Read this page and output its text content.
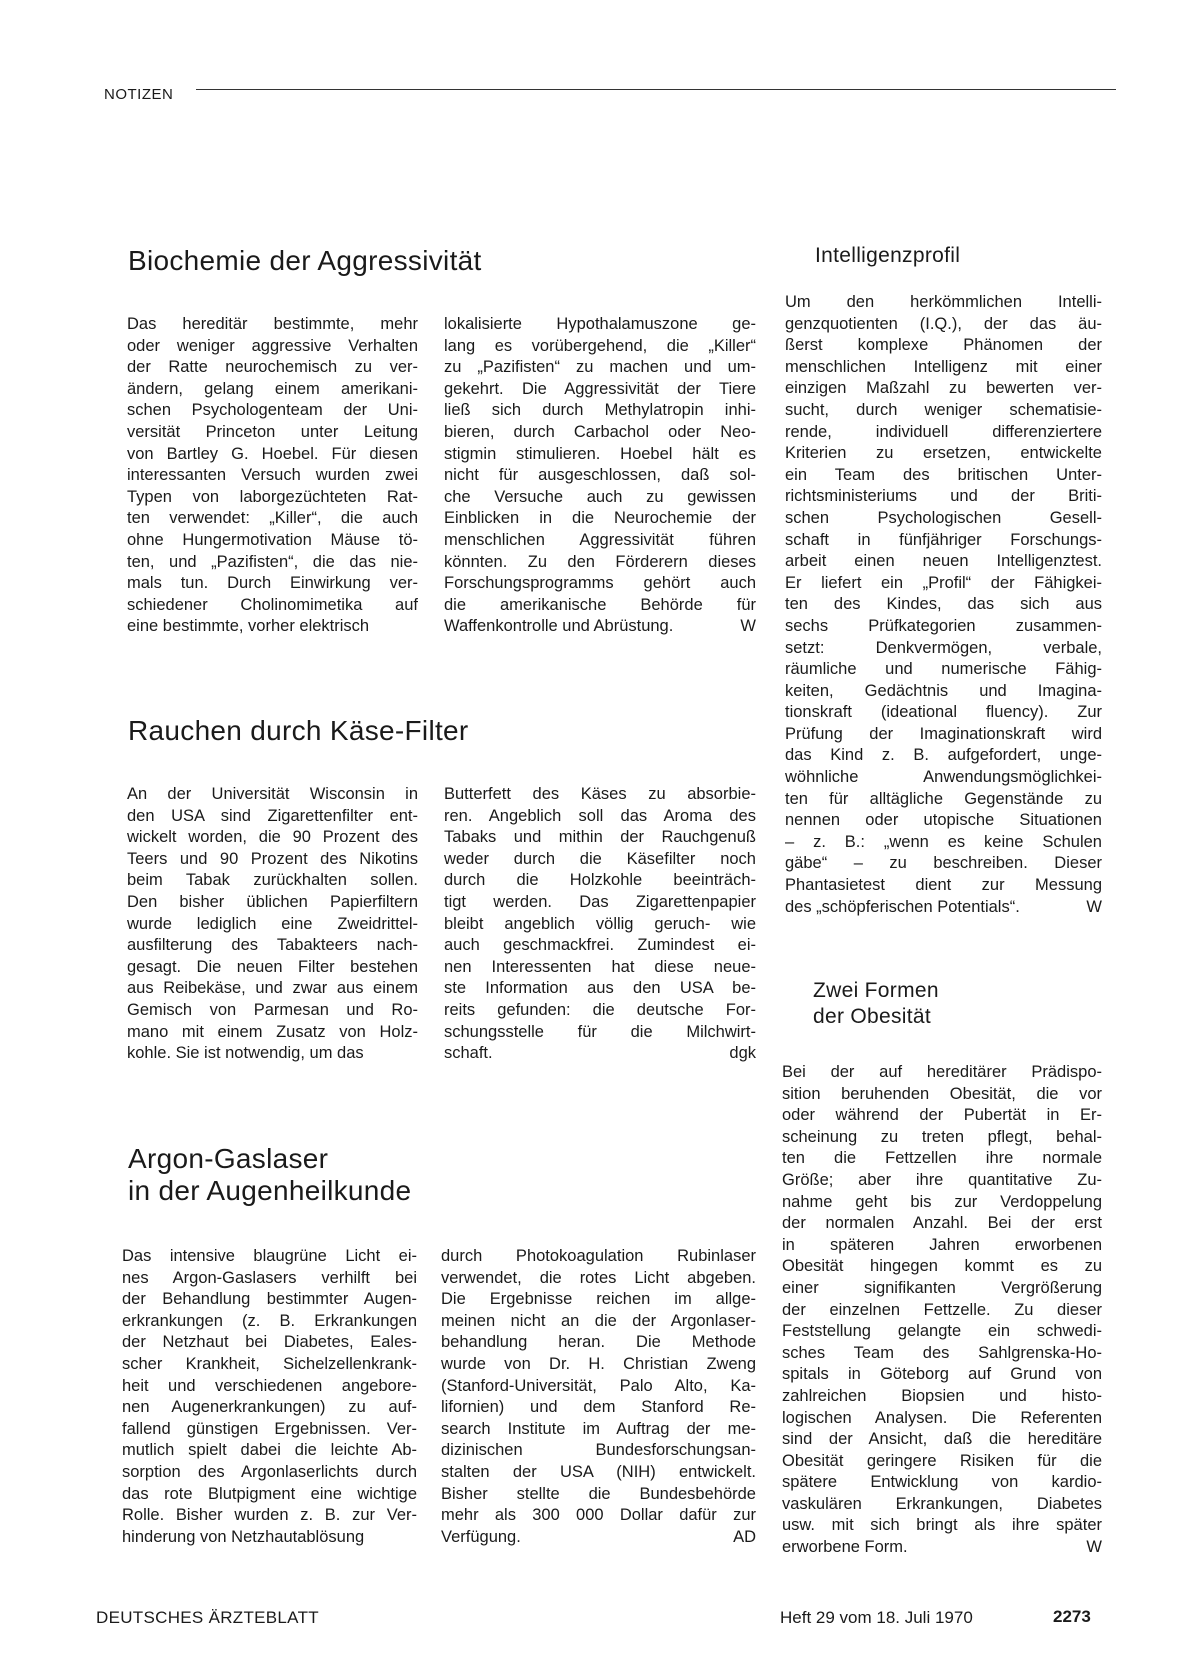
NOTIZEN
Biochemie der Aggressivität
Das hereditär bestimmte, mehr
oder weniger aggressive Verhalten
der Ratte neurochemisch zu ver-
ändern, gelang einem amerikani-
schen Psychologenteam der Uni-
versität Princeton unter Leitung
von Bartley G. Hoebel. Für diesen
interessanten Versuch wurden zwei
Typen von laborgezüchteten Rat-
ten verwendet: „Killer“, die auch
ohne Hungermotivation Mäuse tö-
ten, und „Pazifisten“, die das nie-
mals tun. Durch Einwirkung ver-
schiedener Cholinomimetika auf
eine bestimmte, vorher elektrisch
lokalisierte Hypothalamuszone ge-
lang es vorübergehend, die „Killer“
zu „Pazifisten“ zu machen und um-
gekehrt. Die Aggressivität der Tiere
ließ sich durch Methylatropin inhi-
bieren, durch Carbachol oder Neo-
stigmin stimulieren. Hoebel hält es
nicht für ausgeschlossen, daß sol-
che Versuche auch zu gewissen
Einblicken in die Neurochemie der
menschlichen Aggressivität führen
könnten. Zu den Förderern dieses
Forschungsprogramms gehört auch
die amerikanische Behörde für
Waffenkontrolle und Abrüstung.	W
Rauchen durch Käse-Filter
An der Universität Wisconsin in
den USA sind Zigarettenfilter ent-
wickelt worden, die 90 Prozent des
Teers und 90 Prozent des Nikotins
beim Tabak zurückhalten sollen.
Den bisher üblichen Papierfiltern
wurde lediglich eine Zweidrittel-
ausfilterung des Tabakteers nach-
gesagt. Die neuen Filter bestehen
aus Reibekäse, und zwar aus einem
Gemisch von Parmesan und Ro-
mano mit einem Zusatz von Holz-
kohle. Sie ist notwendig, um das
Butterfett des Käses zu absorbie-
ren. Angeblich soll das Aroma des
Tabaks und mithin der Rauchgenuß
weder durch die Käsefilter noch
durch die Holzkohle beeinträch-
tigt werden. Das Zigarettenpapier
bleibt angeblich völlig geruch- wie
auch geschmackfrei. Zumindest ei-
nen Interessenten hat diese neue-
ste Information aus den USA be-
reits gefunden: die deutsche For-
schungsstelle für die Milchwirt-
schaft.	dgk
Argon-Gaslaser
in der Augenheilkunde
Das intensive blaugrüne Licht ei-
nes Argon-Gaslasers verhilft bei
der Behandlung bestimmter Augen-
erkrankungen (z. B. Erkrankungen
der Netzhaut bei Diabetes, Eales-
scher Krankheit, Sichelzellenkrank-
heit und verschiedenen angebore-
nen Augenerkrankungen) zu auf-
fallend günstigen Ergebnissen. Ver-
mutlich spielt dabei die leichte Ab-
sorption des Argonlaserlichts durch
das rote Blutpigment eine wichtige
Rolle. Bisher wurden z. B. zur Ver-
hinderung von Netzhautablösung
durch Photokoagulation Rubinlaser
verwendet, die rotes Licht abgeben.
Die Ergebnisse reichen im allge-
meinen nicht an die der Argonlaser-
behandlung heran. Die Methode
wurde von Dr. H. Christian Zweng
(Stanford-Universität, Palo Alto, Ka-
lifornien) und dem Stanford Re-
search Institute im Auftrag der me-
dizinischen Bundesforschungsan-
stalten der USA (NIH) entwickelt.
Bisher stellte die Bundesbehörde
mehr als 300 000 Dollar dafür zur
Verfügung.	AD
Intelligenzprofil
Um den herkömmlichen Intelli-
genzquotienten (I.Q.), der das äu-
ßerst komplexe Phänomen der
menschlichen Intelligenz mit einer
einzigen Maßzahl zu bewerten ver-
sucht, durch weniger schematisie-
rende, individuell differenziertere
Kriterien zu ersetzen, entwickelte
ein Team des britischen Unter-
richtsministeriums und der Briti-
schen Psychologischen Gesell-
schaft in fünfjähriger Forschungs-
arbeit einen neuen Intelligenztest.
Er liefert ein „Profil“ der Fähigkei-
ten des Kindes, das sich aus
sechs Prüfkategorien zusammen-
setzt: Denkvermögen, verbale,
räumliche und numerische Fähig-
keiten, Gedächtnis und Imagina-
tionskraft (ideational fluency). Zur
Prüfung der Imaginationskraft wird
das Kind z. B. aufgefordert, unge-
wöhnliche Anwendungsmöglichkei-
ten für alltägliche Gegenstände zu
nennen oder utopische Situationen
– z. B.: „wenn es keine Schulen
gäbe“ – zu beschreiben. Dieser
Phantasietest dient zur Messung
des „schöpferischen Potentials“.	W
Zwei Formen
der Obesität
Bei der auf hereditärer Prädispo-
sition beruhenden Obesität, die vor
oder während der Pubertät in Er-
scheinung zu treten pflegt, behal-
ten die Fettzellen ihre normale
Größe; aber ihre quantitative Zu-
nahme geht bis zur Verdoppelung
der normalen Anzahl. Bei der erst
in späteren Jahren erworbenen
Obesität hingegen kommt es zu
einer signifikanten Vergrößerung
der einzelnen Fettzelle. Zu dieser
Feststellung gelangte ein schwedi-
sches Team des Sahlgrenska-Ho-
spitals in Göteborg auf Grund von
zahlreichen Biopsien und histo-
logischen Analysen. Die Referenten
sind der Ansicht, daß die hereditäre
Obesität geringere Risiken für die
spätere Entwicklung von kardio-
vaskulären Erkrankungen, Diabetes
usw. mit sich bringt als ihre später
erworbene Form.	W
DEUTSCHES ÄRZTEBLATT	Heft 29 vom 18. Juli 1970	2273
